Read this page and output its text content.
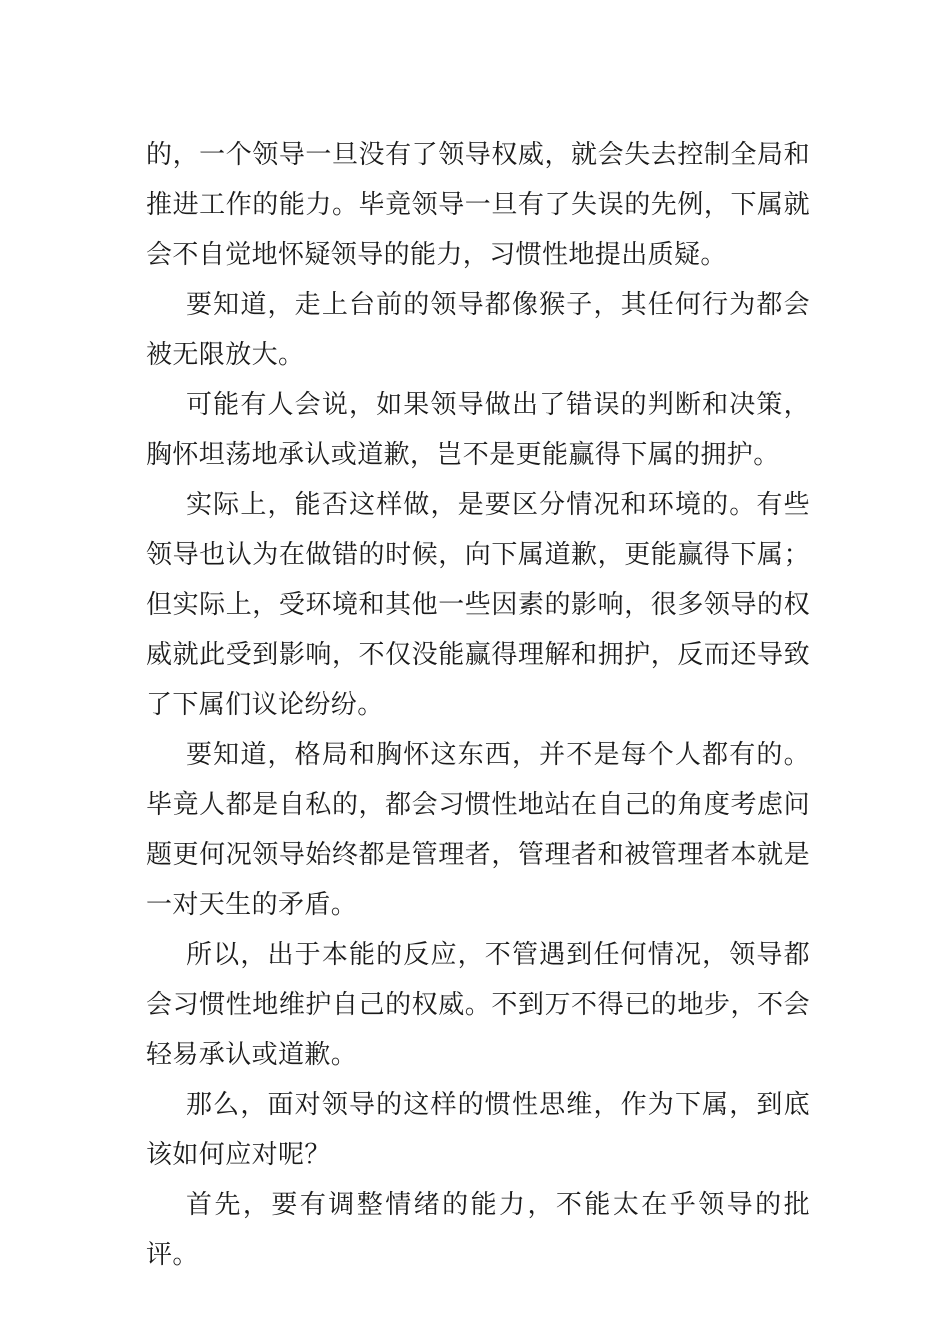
的，一个领导一旦没有了领导权威，就会失去控制全局和推进工作的能力。毕竟领导一旦有了失误的先例，下属就会不自觉地怀疑领导的能力，习惯性地提出质疑。

要知道，走上台前的领导都像猴子，其任何行为都会被无限放大。

可能有人会说，如果领导做出了错误的判断和决策，胸怀坦荡地承认或道歉，岂不是更能赢得下属的拥护。

实际上，能否这样做，是要区分情况和环境的。有些领导也认为在做错的时候，向下属道歉，更能赢得下属；但实际上，受环境和其他一些因素的影响，很多领导的权威就此受到影响，不仅没能赢得理解和拥护，反而还导致了下属们议论纷纷。

要知道，格局和胸怀这东西，并不是每个人都有的。毕竟人都是自私的，都会习惯性地站在自己的角度考虑问题更何况领导始终都是管理者，管理者和被管理者本就是一对天生的矛盾。

所以，出于本能的反应，不管遇到任何情况，领导都会习惯性地维护自己的权威。不到万不得已的地步，不会轻易承认或道歉。

那么，面对领导的这样的惯性思维，作为下属，到底该如何应对呢？

首先，要有调整情绪的能力，不能太在乎领导的批评。
